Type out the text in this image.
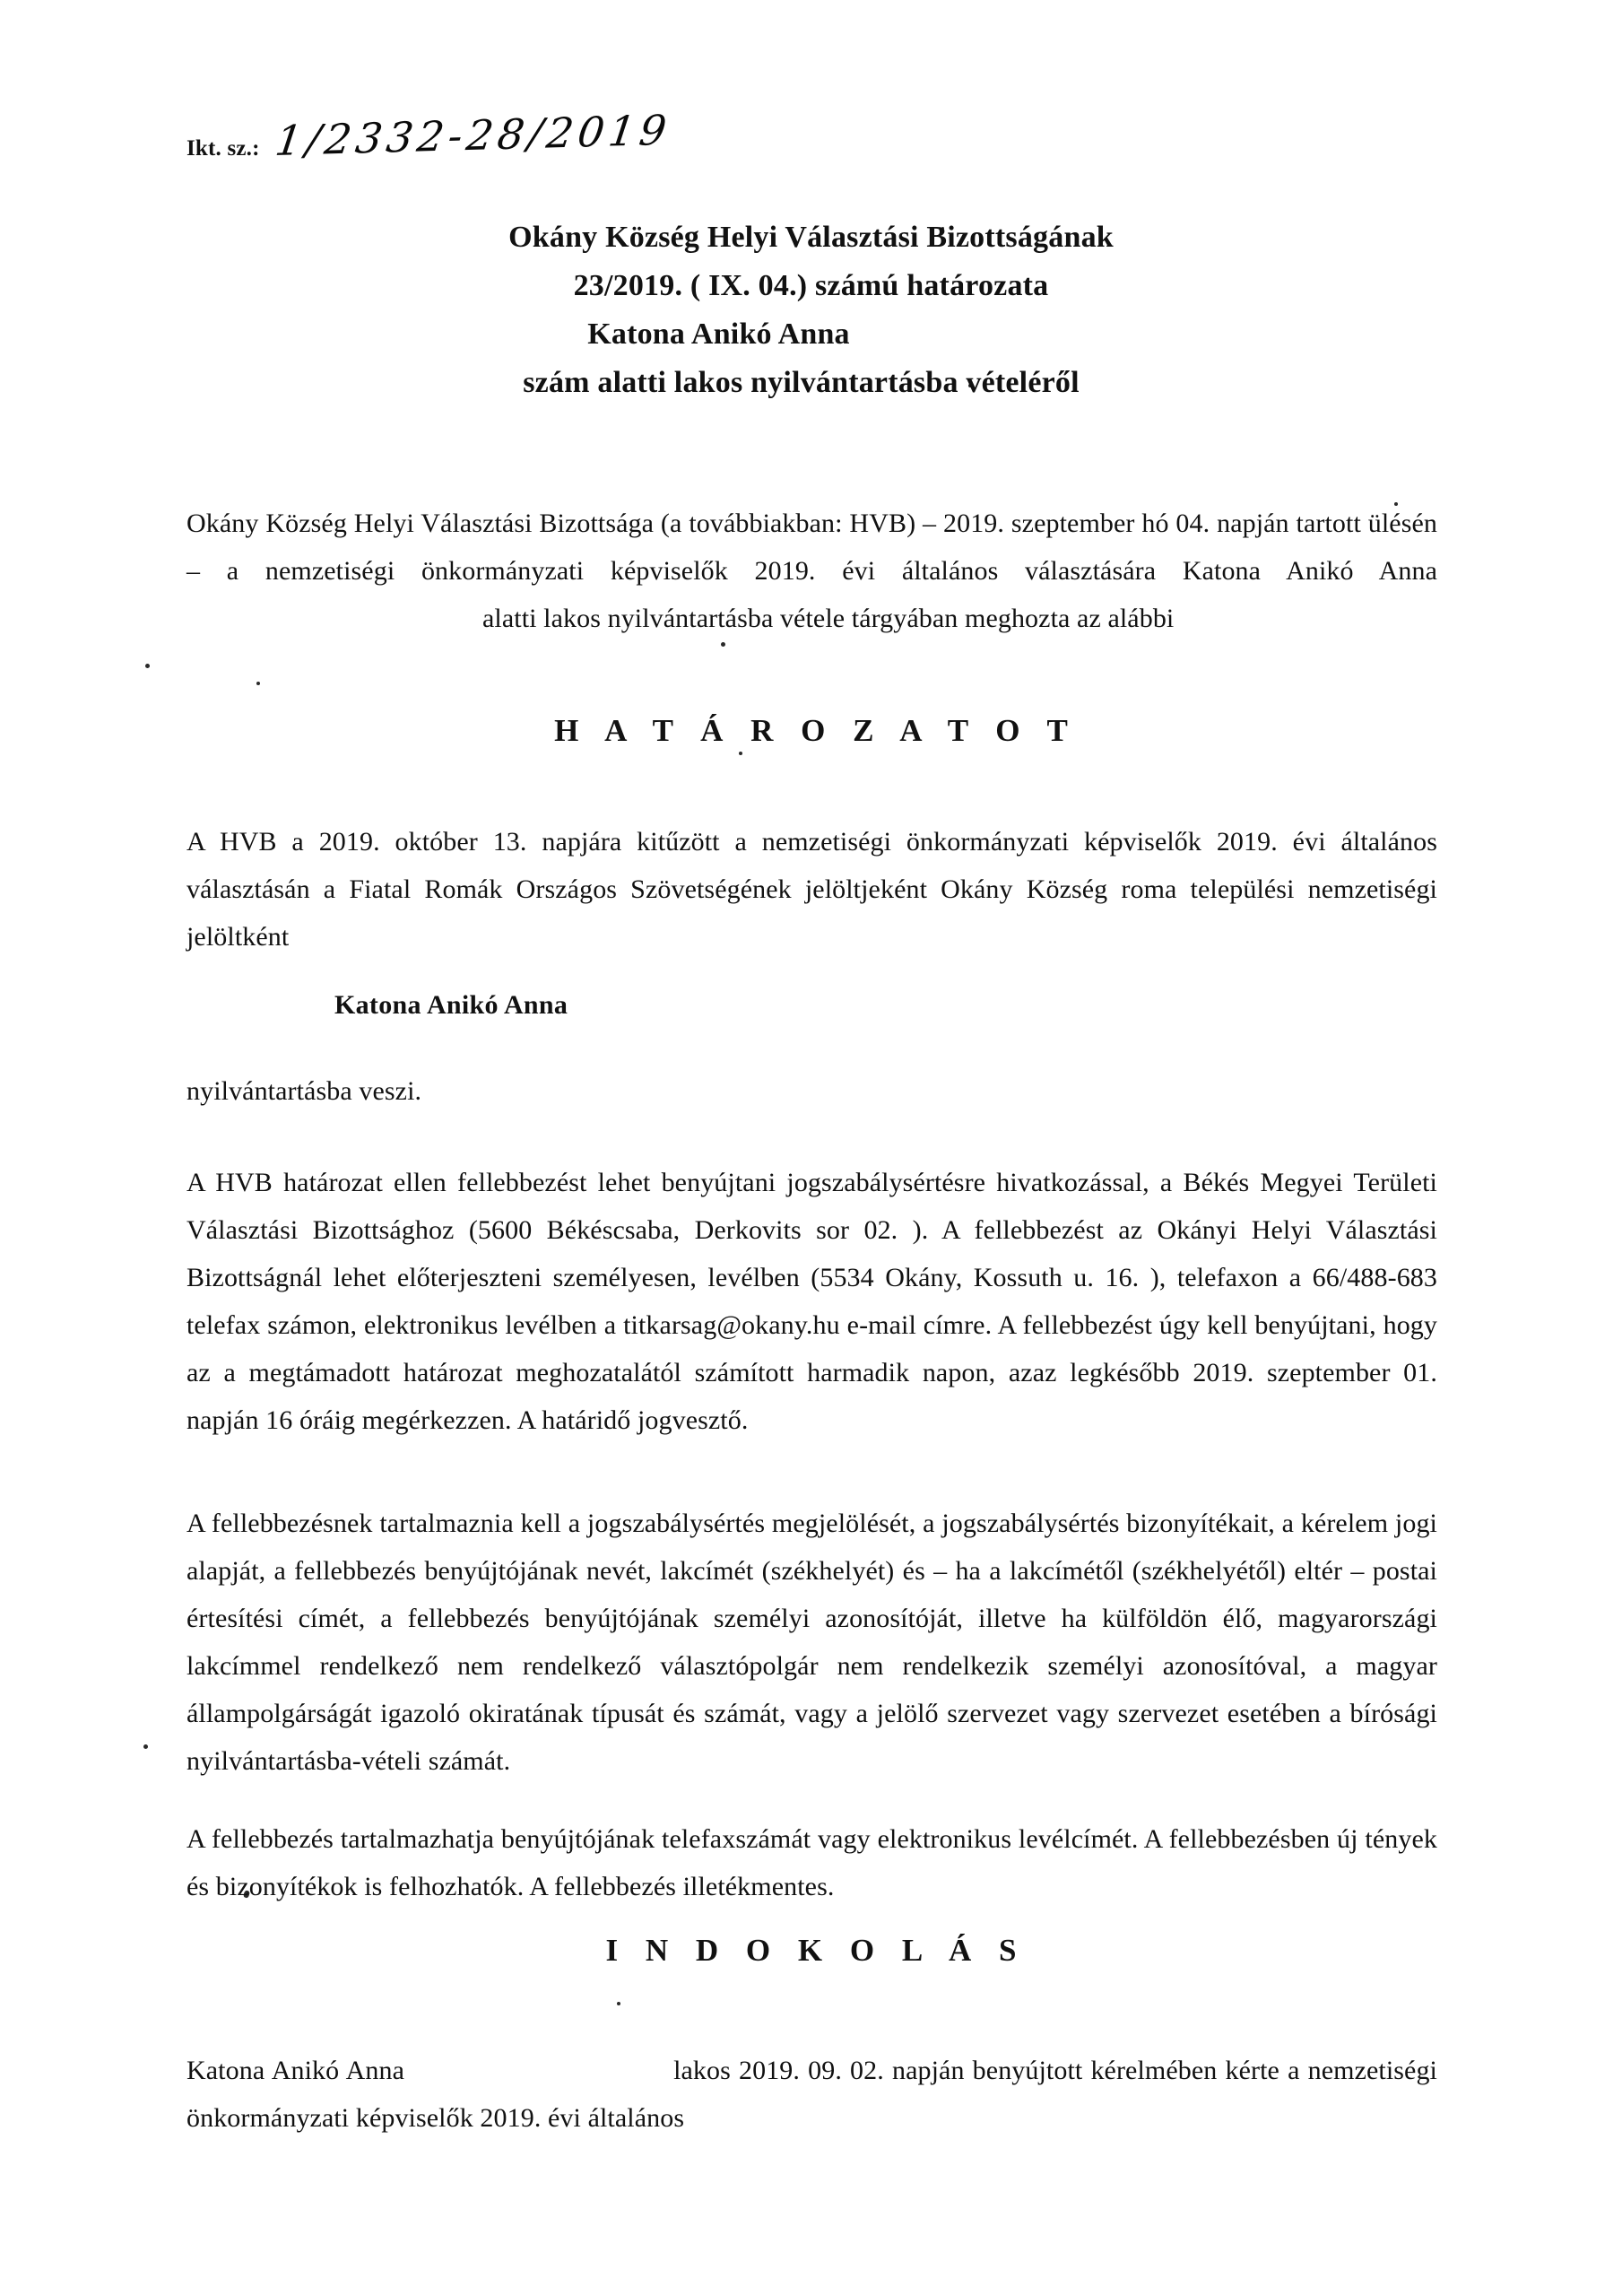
Ikt. sz.: 1/2332-28/2019
Okány Község Helyi Választási Bizottságának
23/2019. ( IX. 04.) számú határozata
Katona Anikó Anna
szám alatti lakos nyilvántartásba vételéről

Okány Község Helyi Választási Bizottsága (a továbbiakban: HVB) – 2019. szeptember hó 04. napján tartott ülésén – a nemzetiségi önkormányzati képviselők 2019. évi általános választására Katona Anikó Annaalatti lakos nyilvántartásba vétele tárgyában meghozta az alábbi

H A T Á R O Z A T O T

A HVB a 2019. október 13. napjára kitűzött a nemzetiségi önkormányzati képviselők 2019. évi általános választásán a Fiatal Romák Országos Szövetségének jelöltjeként Okány Község roma települési nemzetiségi jelöltként

Katona Anikó Anna

nyilvántartásba veszi.

A HVB határozat ellen fellebbezést lehet benyújtani jogszabálysértésre hivatkozással, a Békés Megyei Területi Választási Bizottsághoz (5600 Békéscsaba, Derkovits sor 02. ). A fellebbezést az Okányi Helyi Választási Bizottságnál lehet előterjeszteni személyesen, levélben (5534 Okány, Kossuth u. 16. ), telefaxon a 66/488-683 telefax számon, elektronikus levélben a titkarsag@okany.hu e-mail címre. A fellebbezést úgy kell benyújtani, hogy az a megtámadott határozat meghozatalától számított harmadik napon, azaz legkésőbb 2019. szeptember 01. napján 16 óráig megérkezzen. A határidő jogvesztő.

A fellebbezésnek tartalmaznia kell a jogszabálysértés megjelölését, a jogszabálysértés bizonyítékait, a kérelem jogi alapját, a fellebbezés benyújtójának nevét, lakcímét (székhelyét) és – ha a lakcímétől (székhelyétől) eltér – postai értesítési címét, a fellebbezés benyújtójának személyi azonosítóját, illetve ha külföldön élő, magyarországi lakcímmel rendelkező nem rendelkező választópolgár nem rendelkezik személyi azonosítóval, a magyar állampolgárságát igazoló okiratának típusát és számát, vagy a jelölő szervezet vagy szervezet esetében a bírósági nyilvántartásba-vételi számát.

A fellebbezés tartalmazhatja benyújtójának telefaxszámát vagy elektronikus levélcímét. A fellebbezésben új tények és bizonyítékok is felhozhatók. A fellebbezés illetékmentes.

I N D O K O L Á S

Katona Anikó Anna	lakos 2019. 09. 02. napján benyújtott kérelmében kérte a nemzetiségi önkormányzati képviselők 2019. évi általános
